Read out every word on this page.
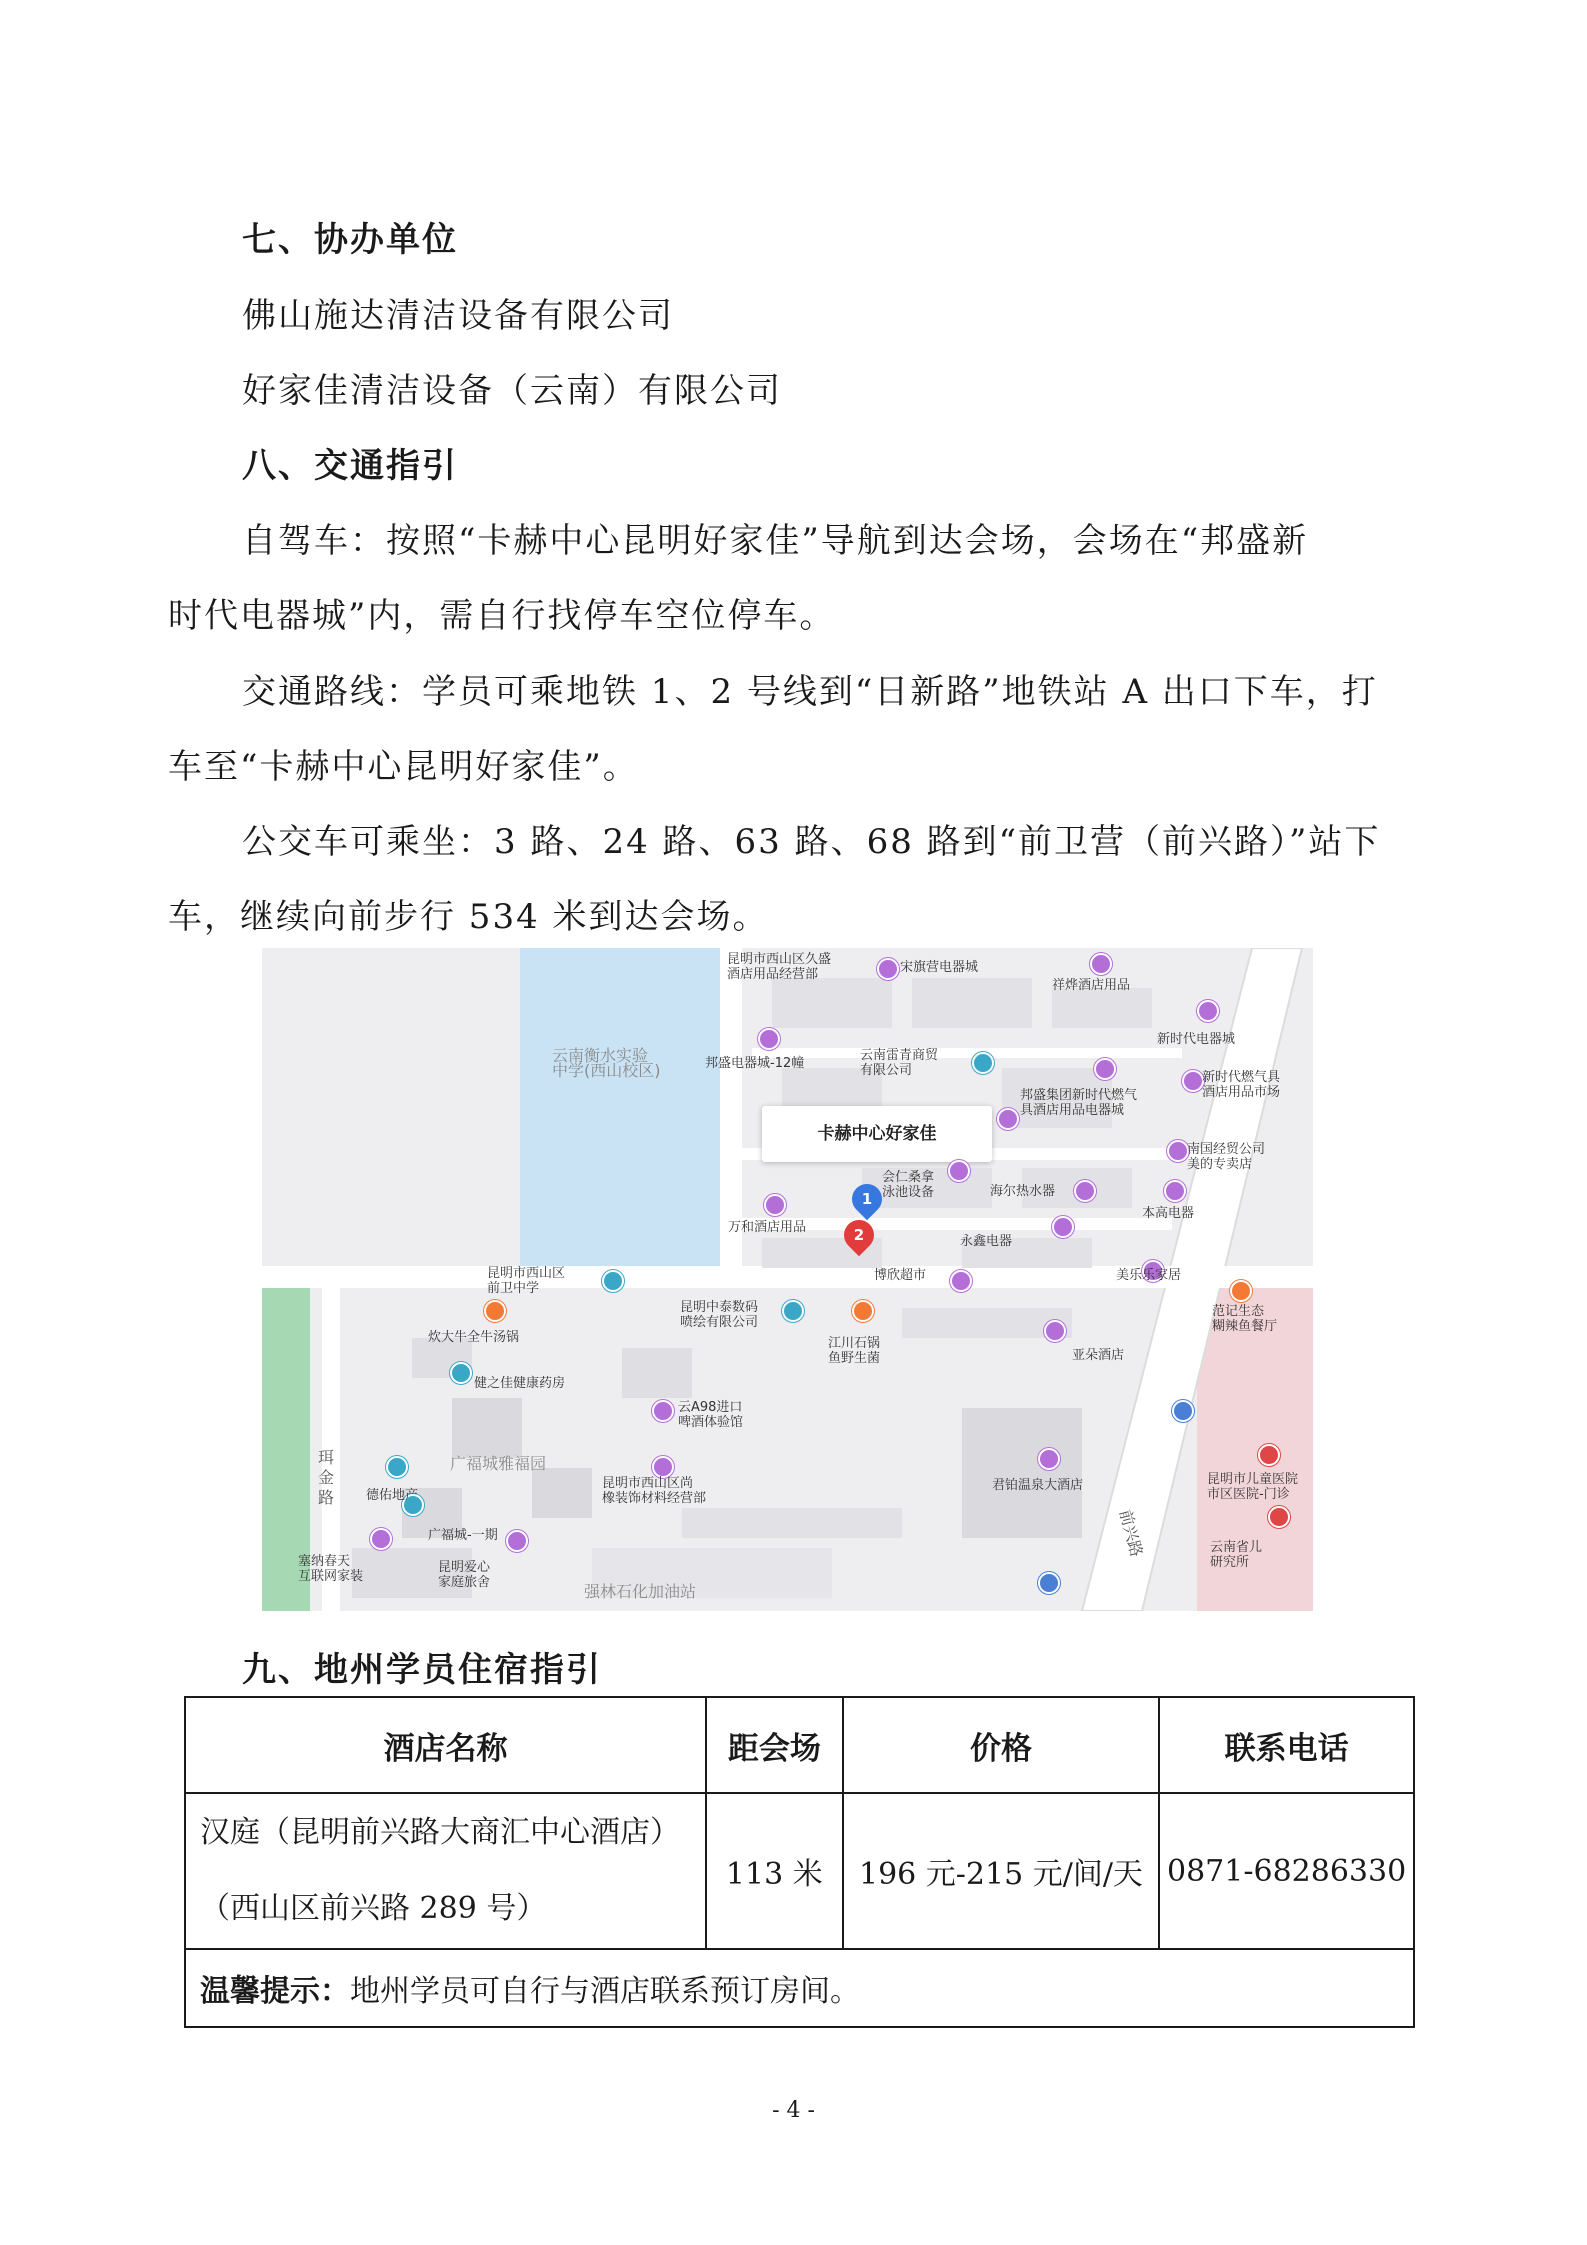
七、协办单位
佛山施达清洁设备有限公司
好家佳清洁设备（云南）有限公司
八、交通指引
自驾车：按照“卡赫中心昆明好家佳”导航到达会场，会场在“邦盛新
时代电器城”内，需自行找停车空位停车。
交通路线：学员可乘地铁 1、2 号线到“日新路”地铁站 A 出口下车，打
车至“卡赫中心昆明好家佳”。
公交车可乘坐：3 路、24 路、63 路、68 路到“前卫营（前兴路）”站下
车，继续向前步行 534 米到达会场。
卡赫中心好家佳
1
2
昆明市西山区久盛
酒店用品经营部	宋旗营电器城
祥烨酒店用品
新时代电器城
云南衡水实验
中学(西山校区)	邦盛电器城-12幢
云南雷青商贸
有限公司	新时代燃气具
酒店用品市场
邦盛集团新时代燃气
具酒店用品电器城
南国经贸公司
美的专卖店
会仁桑拿
泳池设备	海尔热水器
本高电器
万和酒店用品
永鑫电器
昆明市西山区
前卫中学
博欣超市	美乐乐家居
昆明中泰数码
喷绘有限公司
江川石锅
鱼野生菌
范记生态
糊辣鱼餐厅
炊大牛全牛汤锅
亚朵酒店
健之佳健康药房
云A98进口
啤酒体验馆
广福城雅福园
昆明市西山区尚
橡装饰材料经营部
君铂温泉大酒店
德佑地产
广福城-一期
昆明市儿童医院
市区医院-门诊
塞纳春天
互联网家装
昆明爱心
家庭旅舍	强林石化加油站
云南省儿
研究所
前兴路
珥
金
路
九、地州学员住宿指引
酒店名称	距会场	价格	联系电话

汉庭（昆明前兴路大商汇中心酒店）
（西山区前兴路 289 号）	113 米	196 元-215 元/间/天	0871-68286330
温馨提示：地州学员可自行与酒店联系预订房间。			
- 4 -
